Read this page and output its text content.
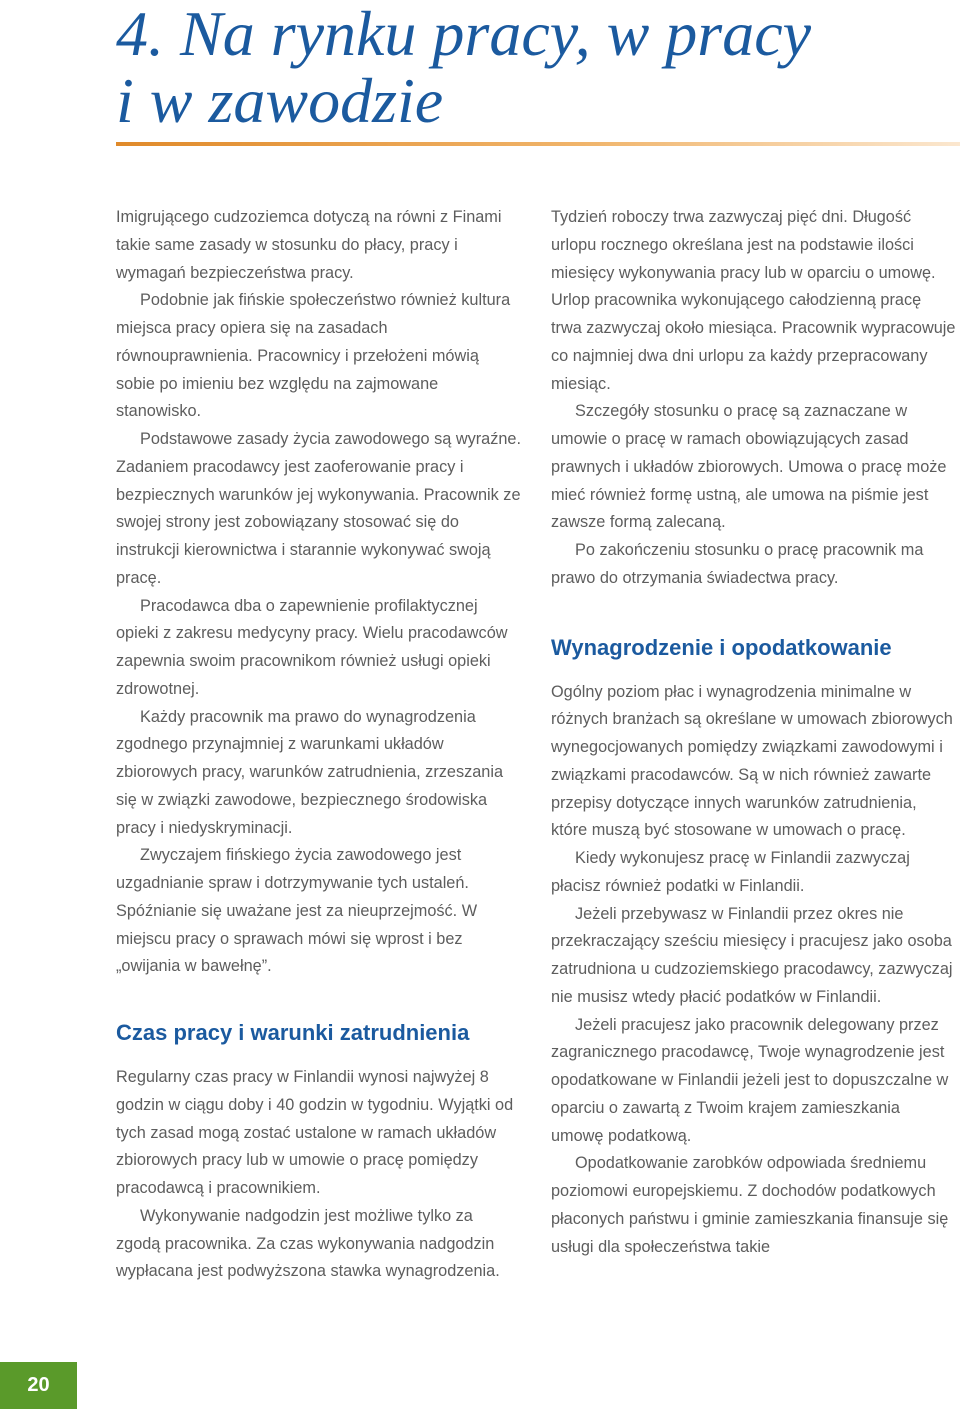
4. Na rynku pracy, w pracy
i w zawodzie

Imigrującego cudzoziemca dotyczą na równi z Finami takie same zasady w stosunku do płacy, pracy i wymagań bezpieczeństwa pracy.

Podobnie jak fińskie społeczeństwo również kultura miejsca pracy opiera się na zasadach równouprawnienia. Pracownicy i przełożeni mówią sobie po imieniu bez względu na zajmowane stanowisko.

Podstawowe zasady życia zawodowego są wyraźne. Zadaniem pracodawcy jest zaoferowanie pracy i bezpiecznych warunków jej wykonywania. Pracownik ze swojej strony jest zobowiązany stosować się do instrukcji kierownictwa i starannie wykonywać swoją pracę.

Pracodawca dba o zapewnienie profilaktycznej opieki z zakresu medycyny pracy. Wielu pracodawców zapewnia swoim pracownikom również usługi opieki zdrowotnej.

Każdy pracownik ma prawo do wynagrodzenia zgodnego przynajmniej z warunkami układów zbiorowych pracy, warunków zatrudnienia, zrzeszania się w związki zawodowe, bezpiecznego środowiska pracy i niedyskryminacji.

Zwyczajem fińskiego życia zawodowego jest uzgadnianie spraw i dotrzymywanie tych ustaleń. Spóźnianie się uważane jest za nieuprzejmość. W miejscu pracy o sprawach mówi się wprost i bez „owijania w bawełnę”.

Czas pracy i warunki zatrudnienia

Regularny czas pracy w Finlandii wynosi najwyżej 8 godzin w ciągu doby i 40 godzin w tygodniu. Wyjątki od tych zasad mogą zostać ustalone w ramach układów zbiorowych pracy lub w umowie o pracę pomiędzy pracodawcą i pracownikiem.

Wykonywanie nadgodzin jest możliwe tylko za zgodą pracownika. Za czas wykonywania nadgodzin wypłacana jest podwyższona stawka wynagrodzenia.

Tydzień roboczy trwa zazwyczaj pięć dni. Długość urlopu rocznego określana jest na podstawie ilości miesięcy wykonywania pracy lub w oparciu o umowę. Urlop pracownika wykonującego całodzienną pracę trwa zazwyczaj około miesiąca. Pracownik wypracowuje co najmniej dwa dni urlopu za każdy przepracowany miesiąc.

Szczegóły stosunku o pracę są zaznaczane w umowie o pracę w ramach obowiązujących zasad prawnych i układów zbiorowych. Umowa o pracę może mieć również formę ustną, ale umowa na piśmie jest zawsze formą zalecaną.

Po zakończeniu stosunku o pracę pracownik ma prawo do otrzymania świadectwa pracy.

Wynagrodzenie i opodatkowanie

Ogólny poziom płac i wynagrodzenia minimalne w różnych branżach są określane w umowach zbiorowych wynegocjowanych pomiędzy związkami zawodowymi i związkami pracodawców. Są w nich również zawarte przepisy dotyczące innych warunków zatrudnienia, które muszą być stosowane w umowach o pracę.

Kiedy wykonujesz pracę w Finlandii zazwyczaj płacisz również podatki w Finlandii.

Jeżeli przebywasz w Finlandii przez okres nie przekraczający sześciu miesięcy i pracujesz jako osoba zatrudniona u cudzoziemskiego pracodawcy, zazwyczaj nie musisz wtedy płacić podatków w Finlandii.

Jeżeli pracujesz jako pracownik delegowany przez zagranicznego pracodawcę, Twoje wynagrodzenie jest opodatkowane w Finlandii jeżeli jest to dopuszczalne w oparciu o zawartą z Twoim krajem zamieszkania umowę podatkową.

Opodatkowanie zarobków odpowiada średniemu poziomowi europejskiemu. Z dochodów podatkowych płaconych państwu i gminie zamieszkania finansuje się usługi dla społeczeństwa takie

20
